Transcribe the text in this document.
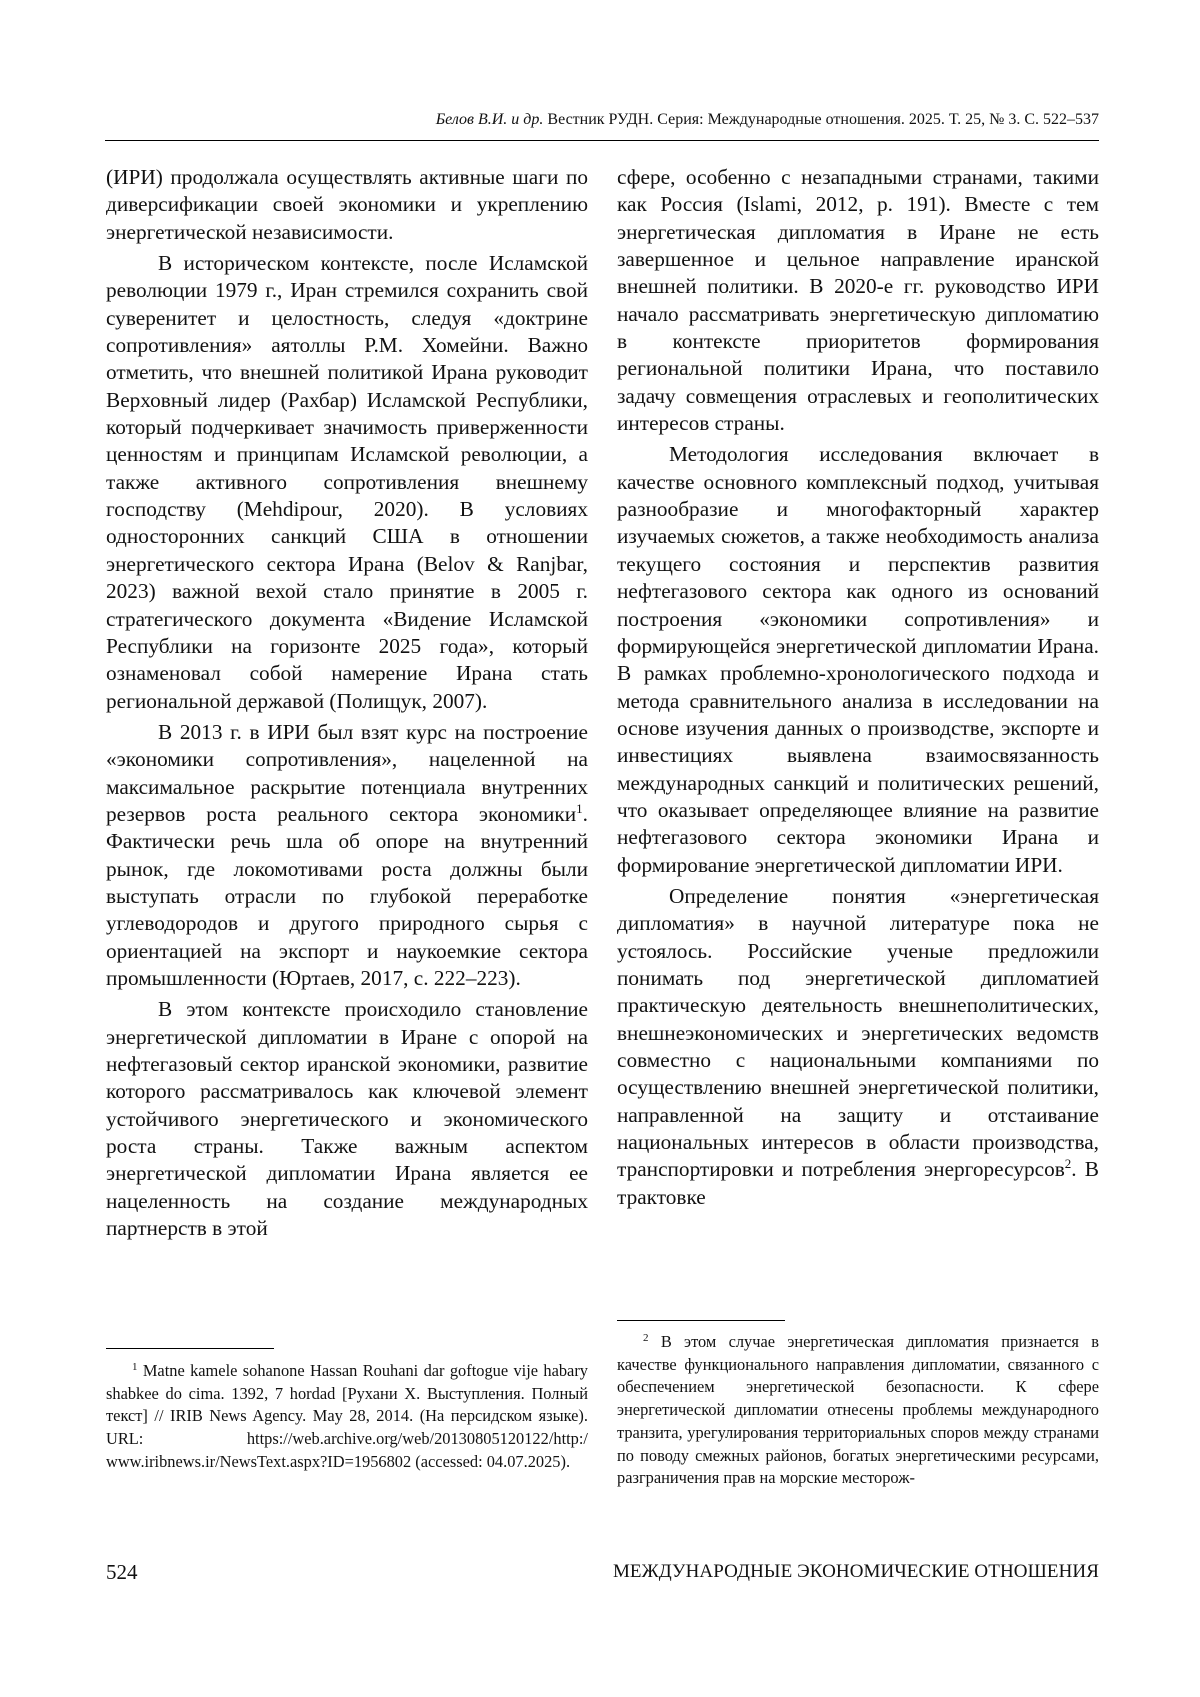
Белов В.И. и др. Вестник РУДН. Серия: Международные отношения. 2025. Т. 25, № 3. С. 522–537

(ИРИ) продолжала осуществлять активные шаги по диверсификации своей экономики и укреплению энергетической независимости.

В историческом контексте, после Исламской революции 1979 г., Иран стремился сохранить свой суверенитет и целостность, следуя «доктрине сопротивления» аятоллы Р.М. Хомейни. Важно отметить, что внешней политикой Ирана руководит Верховный лидер (Рахбар) Исламской Республики, который подчеркивает значимость приверженности ценностям и принципам Исламской революции, а также активного сопротивления внешнему господству (Mehdipour, 2020). В условиях односторонних санкций США в отношении энергетического сектора Ирана (Belov & Ranjbar, 2023) важной вехой стало принятие в 2005 г. стратегического документа «Видение Исламской Республики на горизонте 2025 года», который ознаменовал собой намерение Ирана стать региональной державой (Полищук, 2007).

В 2013 г. в ИРИ был взят курс на построение «экономики сопротивления», нацеленной на максимальное раскрытие потенциала внутренних резервов роста реального сектора экономики$^1$. Фактически речь шла об опоре на внутренний рынок, где локомотивами роста должны были выступать отрасли по глубокой переработке углеводородов и другого природного сырья с ориентацией на экспорт и наукоемкие сектора промышленности (Юртаев, 2017, с. 222–223).

В этом контексте происходило становление энергетической дипломатии в Иране с опорой на нефтегазовый сектор иранской экономики, развитие которого рассматривалось как ключевой элемент устойчивого энергетического и экономического роста страны. Также важным аспектом энергетической дипломатии Ирана является ее нацеленность на создание международных партнерств в этой

сфере, особенно с незападными странами, такими как Россия (Islami, 2012, p. 191). Вместе с тем энергетическая дипломатия в Иране не есть завершенное и цельное направление иранской внешней политики. В 2020-е гг. руководство ИРИ начало рассматривать энергетическую дипломатию в контексте приоритетов формирования региональной политики Ирана, что поставило задачу совмещения отраслевых и геополитических интересов страны.

Методология исследования включает в качестве основного комплексный подход, учитывая разнообразие и многофакторный характер изучаемых сюжетов, а также необходимость анализа текущего состояния и перспектив развития нефтегазового сектора как одного из оснований построения «экономики сопротивления» и формирующейся энергетической дипломатии Ирана. В рамках проблемно-хронологического подхода и метода сравнительного анализа в исследовании на основе изучения данных о производстве, экспорте и инвестициях выявлена взаимосвязанность международных санкций и политических решений, что оказывает определяющее влияние на развитие нефтегазового сектора экономики Ирана и формирование энергетической дипломатии ИРИ.

Определение понятия «энергетическая дипломатия» в научной литературе пока не устоялось. Российские ученые предложили понимать под энергетической дипломатией практическую деятельность внешнеполитических, внешнеэкономических и энергетических ведомств совместно с национальными компаниями по осуществлению внешней энергетической политики, направленной на защиту и отстаивание национальных интересов в области производства, транспортировки и потребления энергоресурсов$^2$. В трактовке

$^1$ Matne kamele sohanone Hassan Rouhani dar goftogue vije habary shabkee do cima. 1392, 7 hordad [Рухани Х. Выступления. Полный текст] // IRIB News Agency. May 28, 2014. (На персидском языке). URL: https://web.archive.org/web/20130805120122/http:/ www.iribnews.ir/NewsText.aspx?ID=1956802 (accessed: 04.07.2025).

$^2$ В этом случае энергетическая дипломатия признается в качестве функционального направления дипломатии, связанного с обеспечением энергетической безопасности. К сфере энергетической дипломатии отнесены проблемы международного транзита, урегулирования территориальных споров между странами по поводу смежных районов, богатых энергетическими ресурсами, разграничения прав на морские месторож-

524	МЕЖДУНАРОДНЫЕ ЭКОНОМИЧЕСКИЕ ОТНОШЕНИЯ
